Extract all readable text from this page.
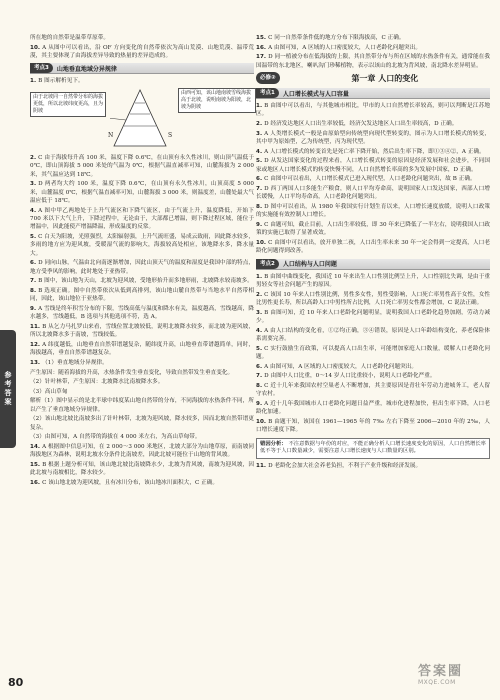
所在地的自然带是温带草原带。

10. A 从图中可以看出，沿 OF 方向变化的自然带依次为高山荒漠、山地荒漠、温带荒漠，其主要体现了由海拔差异导致的热量的差异造成的。

考点3	山地垂直地域分异规律

1. B 图示解析见下。

由于北坡同一自然带分布的海拔更低，所以北坡纬度更高，且为阴坡
N	S
由西可知，该山地南坡雪线海拔高于北坡，说明南坡为阳坡，北坡为阴坡

2. C 由于海拔每升高 100 米，温度下降 0.6℃，在山顶有永久性冰川，则山顶气温低于 0℃，即山顶海拔 5 000 米处的气温为 0℃，根据气温直减率可知，山麓海拔为 2 000 米，其气温应达到 18℃。

3. D 两者均大约 100 米，温度下降 0.6℃，在山顶有永久性冰川，山顶高度 5 000 米，山麓温度 0℃，根据气温直减率可知，山麓海拔 3 000 米，则温度差，山麓处最大气温应低于 18℃。

4. A 图中甲乙两地处于上升气流区和下降气流区，由于气流上升，温度降低，开始下 700 米以下大气上升，下降过程中，无论由于，大部都已增温，则下降过程区域，能位于增温中，因此能使产增温降温，形成温度的反常。

5. C 白天为阳坡，光照强烈，太阳辐射强，上升气流旺盛，易成云致雨，因此降水较多，多雨的地方应为迎风坡，受暖湿气流的影响大，海拔较高处相应，该地降水多，降水量大。

6. D 同向山脉，气温由北向南逐渐增加，因此山顶天气的温度和湿度是我国中部的特点，地方受季风的影响，此时地处于亚热带。

7. B 图中，该山地为天山，北坡为迎风坡，受地形抬升而多地形雨，北坡降水较南坡多。

8. B 选项正确。图中自然带依次从低到高排列，该山地山麓自然带与当地水平自然带相同，因此，该山地位于亚热带。

9. A 雪线是终年积雪分布的下限，雪线高低与温度和降水有关，温度越高，雪线越高，降水越多，雪线越低，B 选项与其他选项不符，选 A。

11. B 从乞力马扎罗山来看，雪线位置北坡较低，说明北坡降水较多，而北坡为迎风坡，所以北坡降水多于南坡，雪线较低。

12. A 纬度越低，山地垂直自然带谱越复杂，随纬度升高，山地垂直带谱越简单，同时，海拔越高，垂直自然带谱越复杂。

13. （1）垂直地域分异规律。

产生原因：随着海拔的升高，水热条件发生垂直变化，导致自然带发生垂直变化。

（2）针叶林带，产生原因：北坡降水比南坡降水多。

（3）高山草甸

解析（1）图中显示的是北半球中纬度某山地自然带的分布，不同海拔的水热条件不同，所以产生了垂直地域分异规律。

（2）该山地北坡比南坡多出了针叶林带，北坡为迎风坡，降水较多，因而北坡自然带谱更复杂。

（3）由图可知，A 自然带的海拔在 4 000 米左右，为高山草甸带。

14. A 根据图中信息可知，在 2 000～3 000 米地区，北坡大部分为山地草原，而南坡同海拔地区为森林，说明北坡水分条件比南坡差，因此北坡可能位于山地的背风坡。

15. B 根据上题分析可知，该山地北坡比南坡降水少，北坡为背风坡，南坡为迎风坡，因此北坡与南坡相比，降水较少。

16. C 该山地北坡为迎风坡，且有冰川分布，该山地冰川面积大，C 正确。

15. C 同一自然带条件低的地方分布下限海拔高，C 正确。

16. A 由图可知，A 区域的人口密度较大，人口老龄化问题突出。

17. D 同一植被分布在低海拔的上限，其自然带分布与所在区域的水热条件有关，通常能在我国温带的东北地区，喇叭沟门珍稀植物，表示以该山的北坡为背风坡，南北降水差异明显。

必修②	第一章 人口的变化
考点1	人口增长模式与人口容量

1. B 由图中可以看出，与其他城市相比，甲市的人口自然增长率较高，则可以判断是江苏地区。

2. D 经济发达地区人口出生率较低，经济欠发达地区人口出生率较高，D 正确。

3. A 人类增长模式一般是由原始型向传统型向现代型转变的，图示为人口增长模式的转变，其中甲为原始型，乙为传统型，丙为现代型。

4. A 人口增长模式的转变首先是死亡率下降开始，然后出生率下降，即①③④②，A 正确。

5. D 从发达国家变化的过程来看，人口增长模式转变的原因是经济发展和社会进步，不同国家或地区人口增长模式的转变快慢不同，人口自然增长率高的多为发展中国家，D 正确。

6. C 由图中可以看出，人口增长模式已进入现代型，人口老龄化问题突出，故 B 正确。

7. D 西丁两国人口多能生产粮食，则人口平均寿命高，说明国家人口发达国家，西部人口增长缓慢，人口平均寿命高，人口老龄化问题突出。

8. D 图中可以看出，从 1980 年我国实行计划生育以来，人口增长速度放缓，说明人口政策的实施能有效控制人口增长。

9. C 由题可知，截止目前，人口出生率较低，即 30 年来已降低了一半左右，说明我国人口政策的实施已取得了显著成效。

10. C 由图中可以看出，放开单独二孩，人口出生率未来 30 年一定会得到一定提高，人口老龄化问题得到改善。

考点2	人口结构与人口问题

1. B 由图中曲线变化，我国近 10 年来出生人口性别比例呈上升，人口性别比失调，是由于重男轻女等社会问题产生的原因。

2. C 该国 10 年来人口性别比例，男性多女性，男性受影响，人口死亡率男性高于女性，女性比男性更长寿，所以高龄人口中男性所占比例，人口死亡率男女性都会增加，C 说法正确。

3. B 由图可知，近 10 年来人口老龄化问题明显，说明我国人口老龄化趋势加剧，劳动力减少。

4. A 由人口结构的变化看，①②均正确，③④错误，原因是人口年龄结构变化，养老保险体系需要完善。

5. C 实行鼓励生育政策，可以提高人口出生率，可能增加家庭人口数量，缓解人口老龄化问题。

6. A 由图可知，A 区域的人口密度较大，人口老龄化问题突出。

7. D 由图中人口比重，0～14 岁人口比重较小，说明人口老龄化严重。

8. C 近十几年来我国农村空巢老人不断增加，其主要原因是青壮年劳动力进城务工，老人留守农村。

9. A 近十几年我国城市人口老龄化问题日益严重，城市化进程加快，但出生率下降，人口老龄化加速。

10. B 由题干知，该国在 1961—1965 年的 7‰ 左右下降至 2006—2010 年的 2‰，人口增长速度下降。

错因分析： 不注意数据与年份的对应，不能正确分析人口增长速度变化的原因，人口自然增长率低不等于人口数量减少，需要注意人口增长速度与人口数量的区别。

11. D 老龄化会加大社会养老负担，不利于产业升级和经济发展。

参考答案
80
答案圈
MXQE.COM
